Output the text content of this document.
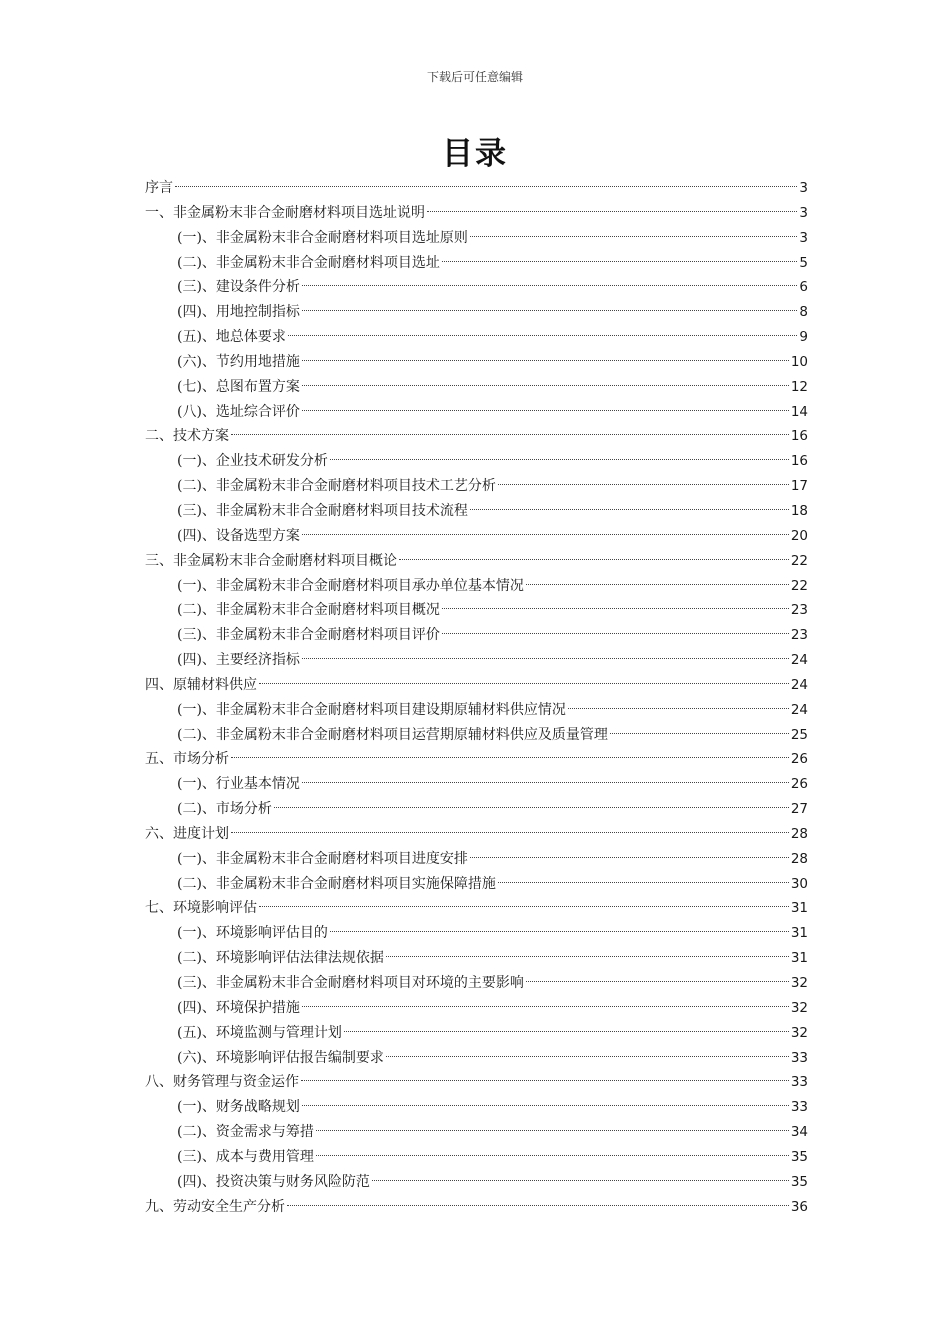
下载后可任意编辑
目录
序言	3
一、非金属粉末非合金耐磨材料项目选址说明	3
(一)、非金属粉末非合金耐磨材料项目选址原则	3
(二)、非金属粉末非合金耐磨材料项目选址	5
(三)、建设条件分析	6
(四)、用地控制指标	8
(五)、地总体要求	9
(六)、节约用地措施	10
(七)、总图布置方案	12
(八)、选址综合评价	14
二、技术方案	16
(一)、企业技术研发分析	16
(二)、非金属粉末非合金耐磨材料项目技术工艺分析	17
(三)、非金属粉末非合金耐磨材料项目技术流程	18
(四)、设备选型方案	20
三、非金属粉末非合金耐磨材料项目概论	22
(一)、非金属粉末非合金耐磨材料项目承办单位基本情况	22
(二)、非金属粉末非合金耐磨材料项目概况	23
(三)、非金属粉末非合金耐磨材料项目评价	23
(四)、主要经济指标	24
四、原辅材料供应	24
(一)、非金属粉末非合金耐磨材料项目建设期原辅材料供应情况	24
(二)、非金属粉末非合金耐磨材料项目运营期原辅材料供应及质量管理	25
五、市场分析	26
(一)、行业基本情况	26
(二)、市场分析	27
六、进度计划	28
(一)、非金属粉末非合金耐磨材料项目进度安排	28
(二)、非金属粉末非合金耐磨材料项目实施保障措施	30
七、环境影响评估	31
(一)、环境影响评估目的	31
(二)、环境影响评估法律法规依据	31
(三)、非金属粉末非合金耐磨材料项目对环境的主要影响	32
(四)、环境保护措施	32
(五)、环境监测与管理计划	32
(六)、环境影响评估报告编制要求	33
八、财务管理与资金运作	33
(一)、财务战略规划	33
(二)、资金需求与筹措	34
(三)、成本与费用管理	35
(四)、投资决策与财务风险防范	35
九、劳动安全生产分析	36
